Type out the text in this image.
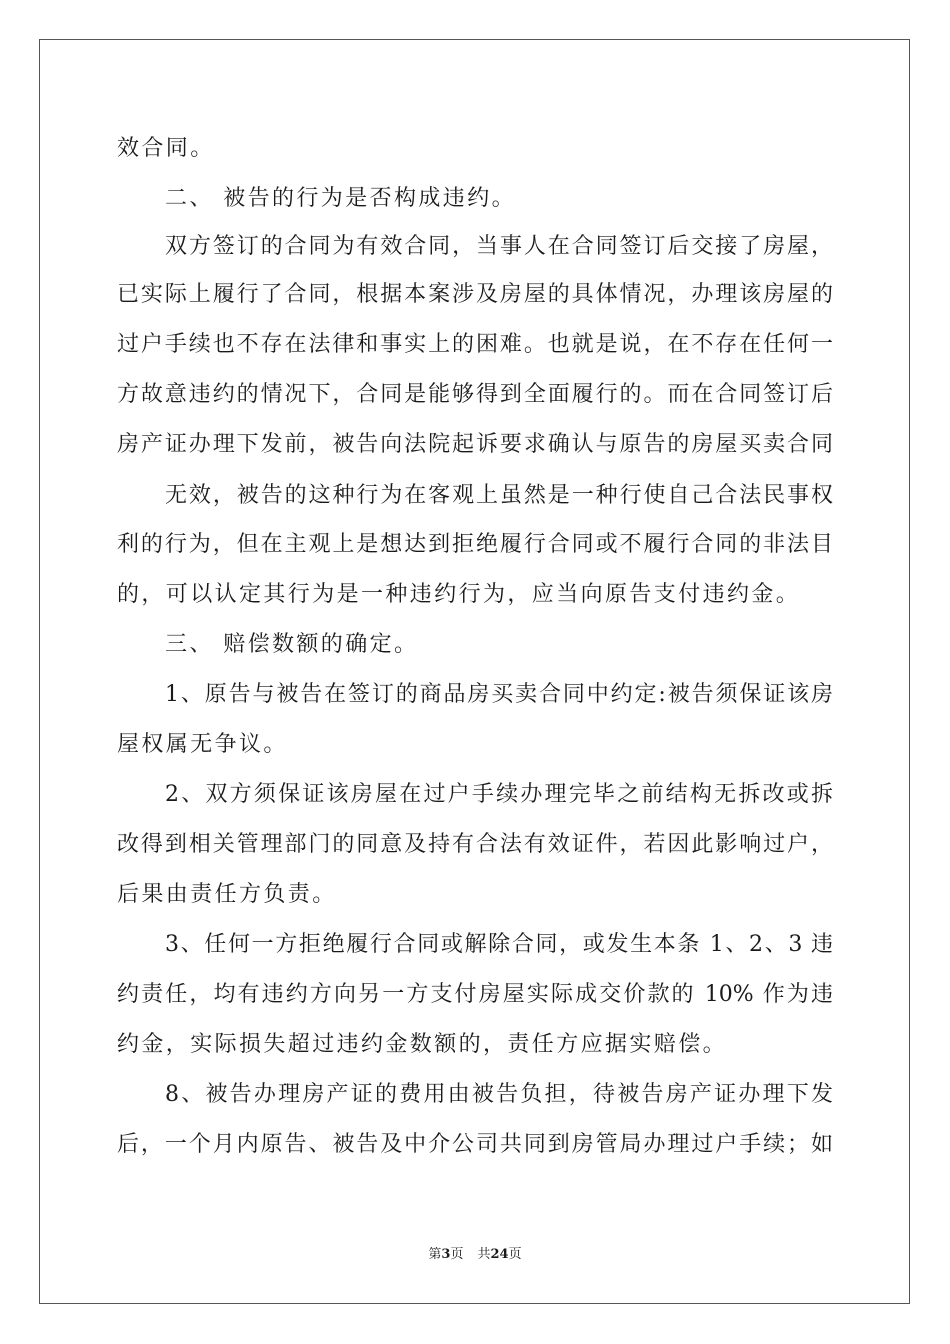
效合同。
二、 被告的行为是否构成违约。
双方签订的合同为有效合同，当事人在合同签订后交接了房屋，
已实际上履行了合同，根据本案涉及房屋的具体情况，办理该房屋的
过户手续也不存在法律和事实上的困难。也就是说，在不存在任何一
方故意违约的情况下，合同是能够得到全面履行的。而在合同签订后
房产证办理下发前，被告向法院起诉要求确认与原告的房屋买卖合同
无效，被告的这种行为在客观上虽然是一种行使自己合法民事权
利的行为，但在主观上是想达到拒绝履行合同或不履行合同的非法目
的，可以认定其行为是一种违约行为，应当向原告支付违约金。
三、 赔偿数额的确定。
1、原告与被告在签订的商品房买卖合同中约定:被告须保证该房
屋权属无争议。
2、双方须保证该房屋在过户手续办理完毕之前结构无拆改或拆
改得到相关管理部门的同意及持有合法有效证件，若因此影响过户，
后果由责任方负责。
3、任何一方拒绝履行合同或解除合同，或发生本条 1、2、3 违
约责任，均有违约方向另一方支付房屋实际成交价款的 10% 作为违
约金，实际损失超过违约金数额的，责任方应据实赔偿。
8、被告办理房产证的费用由被告负担，待被告房产证办理下发
后，一个月内原告、被告及中介公司共同到房管局办理过户手续；如
第3页 共24页
